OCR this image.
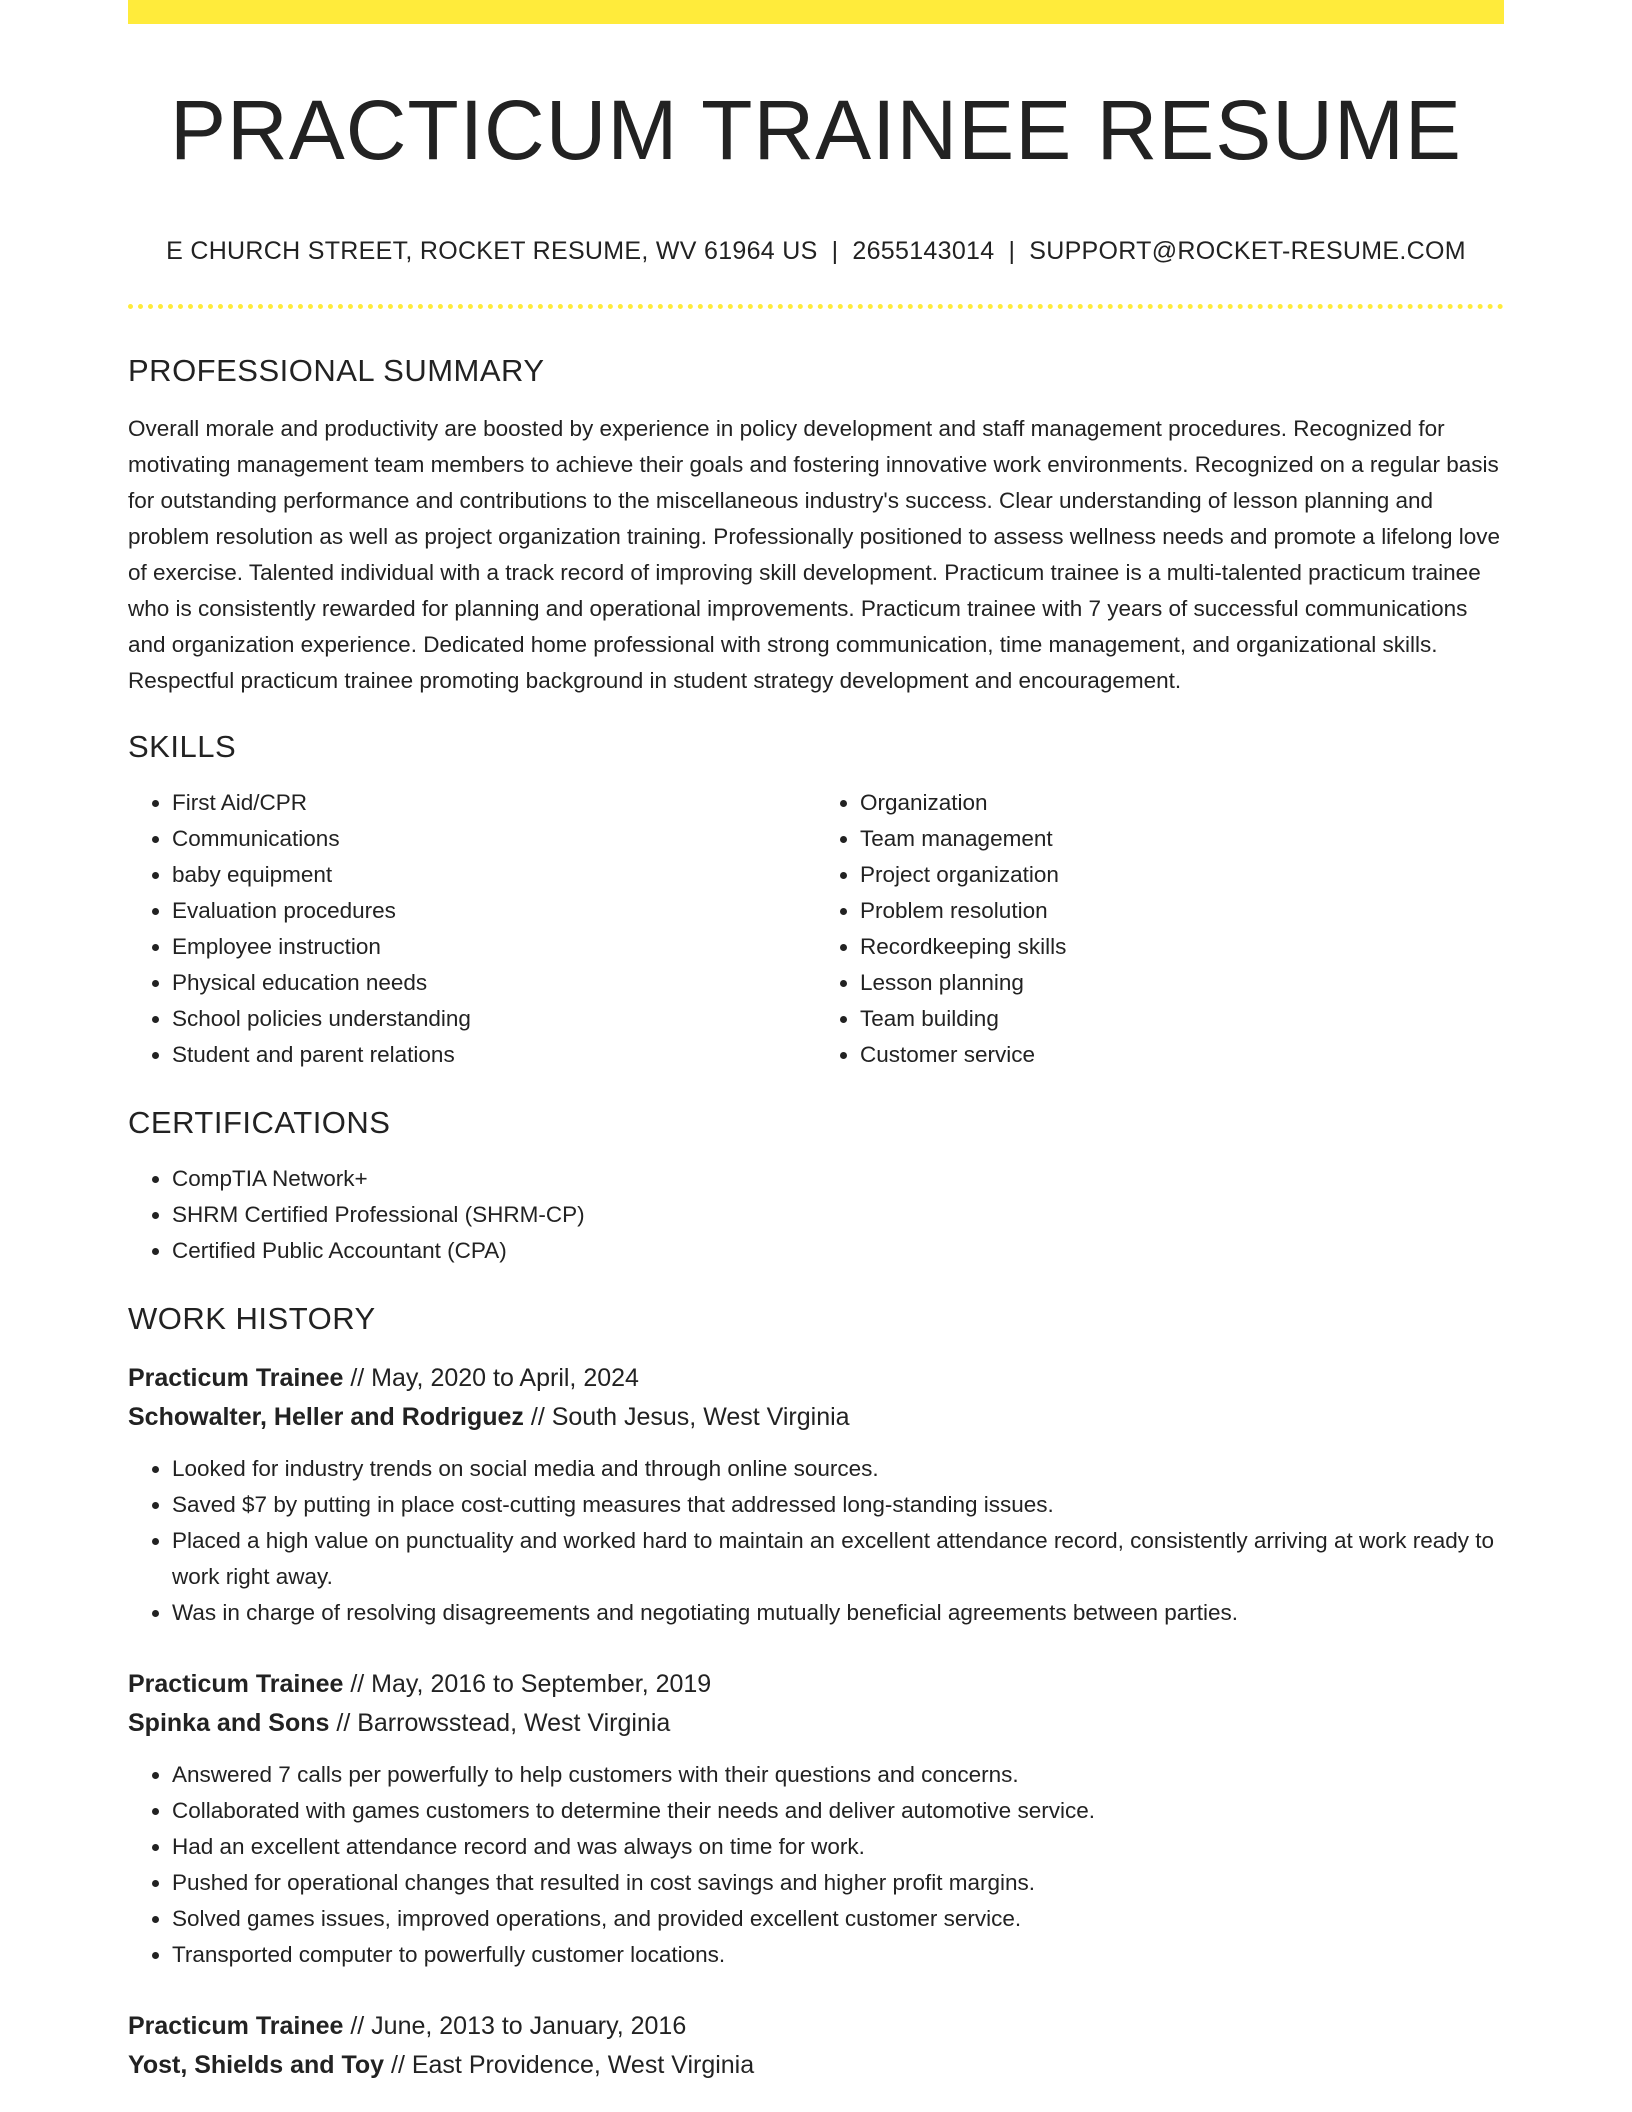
PRACTICUM TRAINEE RESUME
E CHURCH STREET, ROCKET RESUME, WV 61964 US | 2655143014 | SUPPORT@ROCKET-RESUME.COM
PROFESSIONAL SUMMARY

Overall morale and productivity are boosted by experience in policy development and staff management procedures. Recognized for motivating management team members to achieve their goals and fostering innovative work environments. Recognized on a regular basis for outstanding performance and contributions to the miscellaneous industry's success. Clear understanding of lesson planning and problem resolution as well as project organization training. Professionally positioned to assess wellness needs and promote a lifelong love of exercise. Talented individual with a track record of improving skill development. Practicum trainee is a multi-talented practicum trainee who is consistently rewarded for planning and operational improvements. Practicum trainee with 7 years of successful communications and organization experience. Dedicated home professional with strong communication, time management, and organizational skills. Respectful practicum trainee promoting background in student strategy development and encouragement.

SKILLS
• First Aid/CPR
• Communications
• baby equipment
• Evaluation procedures
• Employee instruction
• Physical education needs
• School policies understanding
• Student and parent relations
• Organization
• Team management
• Project organization
• Problem resolution
• Recordkeeping skills
• Lesson planning
• Team building
• Customer service
CERTIFICATIONS
• CompTIA Network+
• SHRM Certified Professional (SHRM-CP)
• Certified Public Accountant (CPA)
WORK HISTORY
Practicum Trainee // May, 2020 to April, 2024
Schowalter, Heller and Rodriguez // South Jesus, West Virginia
• Looked for industry trends on social media and through online sources.
• Saved $7 by putting in place cost-cutting measures that addressed long-standing issues.
• Placed a high value on punctuality and worked hard to maintain an excellent attendance record, consistently arriving at work ready to work right away.
• Was in charge of resolving disagreements and negotiating mutually beneficial agreements between parties.
Practicum Trainee // May, 2016 to September, 2019
Spinka and Sons // Barrowsstead, West Virginia
• Answered 7 calls per powerfully to help customers with their questions and concerns.
• Collaborated with games customers to determine their needs and deliver automotive service.
• Had an excellent attendance record and was always on time for work.
• Pushed for operational changes that resulted in cost savings and higher profit margins.
• Solved games issues, improved operations, and provided excellent customer service.
• Transported computer to powerfully customer locations.
Practicum Trainee // June, 2013 to January, 2016
Yost, Shields and Toy // East Providence, West Virginia
